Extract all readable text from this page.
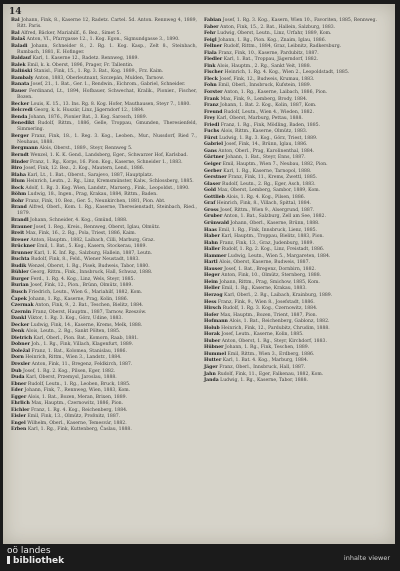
14
Bal Johann, Fink, 8., Kaserne 12, Radetz. Cartel. 5d. Anton. Rennweg 4, 1889, Ritt. Paris.
Bal Alfred, Bäcker, Mariahilf., 6. Bez., Simet 5.
Balaš Anton, VI., Pfarrgasse 12., 1. Kog. Egon., Sigmundgasse 3., 1890.
Baladi Johann, Schneider 8., 2. Rg. 1. Kog. Kasp., Zelt 8., Steinbach, Rumbach, 1881, E. Hofinger.
Baldauf Karl, 1. Kaserne 12., Radetz. Rennweg, 1889.
Balek Emil, k. k. Oberst, 1896, Prager, Fr. Tallentin.
Baliński Stanisl., Fink, 15., 1. Rg. 3. Bat., Kog. 1889., Frz. Kaim.
Bambaly Anton, 1883, Oberleutnant, Szczepán, Mulden, Tarnow.
Banata Josef, 21., 1. Bat., Ger. 1., Rendwin., Eichrom., Gabriel, Schneider.
Bauer Ferdinand, Lt., 1894, Hofbauer, Schwechat, Kralik., Pionier., Fischer, Bozen.
Becker Louis, K. 15., 13. Ins. Rg. 8. Kog. Hofer, Mauthausen, Steyr 7., 1880.
Belcredi Georg, k. k. Huszár, Linz, Jägerndorf 12., 1884.
Benda Johann, 1876., Pionier Bat., 3. Kog. Sarosch, 1889.
Benedikt Rudolf, Rittm., 1886, Gelle, Troppau, Gmunden, Theresienfeld, Simmering.
Berger Franz, Fink, 18., 1. Reg. 3. Kog., Leoben., Mur., Nussdorf, Ried 7., Neuhaus, 1888.
Bergmann Alois, Oberst., 1889., Steyr, Rennweg 5.
Berndt Wenzel, 1. K. K. Gend., Landsberg, Eger., Schwarzer Hof, Karlsbad.
Binder Franz, 1. Rg., Korps, 16. Pion. Kog., Kaserne, Schneider 1., 1883.
Biro Josef, Fink, 12. Bez., 2. Kog., Mautern, Lend., 1886.
Blaha Karl, Lt., 1. Bat., Oberst., Sarajevo, 1887, Hauptplatz.
Blum Heinrich, Leutn., 2. Rg., Linz, Kremsmünster, Kalw., Schlossberg, 1885.
Bock Adolf, 1. Rg. 3. Kog. Wien, Landstr., Marxerg., Fink., Leopoldst., 1890.
Böhm Ludwig, 18., Ingen., Prag, Krakau, 1884, Rittm., Baden.
Bohr Franz, Fink, 10. Bez., Ger. 5., Neunkirchen, 1881, Pion. Abt.
Brand Alfred, Oberl., Kom. 1. Rg., Kaserne, Theresienstadt, Steinbach, Ried., 1879.
Brandl Johann, Schneider, 4. Kog., Gmünd, 1888.
Brauner Josef, 1. Reg., Kreis., Rennweg, Oberst, Iglau, Olmütz.
Breit Max, Fink, 16., 2. Rg., Pola, Triest, 1886, Kaim.
Breuer Anton, Hauptm., 1882, Laibach, Cilli, Marburg, Graz.
Brückner Emil, 1. Bat., 5. Kog., Kasern, Stockerau, 1889.
Brunner Karl, 1. K. Inf. Rg., Salzburg, Hallein, 1887, Leutn.
Buchta Rudolf, Fink, 8., Feld., Wiener Neustadt, 1883.
Budik Wenzel, Oberst, 1. Rg., Pisek, Budweis, Tabor, 1880.
Bühler Georg, Rittm., Fink., Innsbruck, Hall, Schwaz, 1888.
Burger Ferd., 1. Rg. 4. Kog., Linz, Wels, Steyr, 1885.
Burian Josef, Fink, 12., Pion., Brünn, Olmütz, 1889.
Busch Friedrich, Leutn., Wien 6., Mariahilf, 1882, Kom.
Čapek Johann, 1. Rg., Kaserne, Prag, Kolin, 1886.
Czermak Anton, Fink, 9., 2. Bat., Teschen, Bielitz, 1884.
Czernin Franz, Oberst, Hauptm., 1887, Tarnow, Rzeszów.
Dankl Viktor, 1. Rg. 3. Kog., Görz, Udine, 1883.
Decker Ludwig, Fink, 14., Kaserne, Krems, Melk, 1888.
Denk Alois, Leutn., 2. Rg., Sankt Pölten, 1885.
Dietrich Karl, Oberl., Pion. Bat., Komorn, Raab, 1881.
Dobner Joh., 1. Rg., Fink, Villach, Klagenfurt, 1889.
Doležal Franz, 1. Bat., Kolomea, Stanislau, 1886.
Dorn Heinrich, Rittm., Wien 3., Landstr., 1884.
Drexler Anton, Fink, 11., Bregenz, Feldkirch, 1887.
Dub Josef, 1. Rg. 2. Kog., Pilsen, Eger, 1882.
Duda Karl, Oberst, Przemysl, Jaroslau, 1888.
Ebner Rudolf, Leutn., 1. Rg., Leoben, Bruck, 1885.
Eder Johann, Fink, 7., Rennweg, Wien, 1883, Kom.
Egger Alois, 1. Bat., Bozen, Meran, Brixen, 1889.
Ehrlich Max, Hauptm., Czernowitz, 1886, Pion.
Eichler Franz, 1. Rg. 4. Kog., Reichenberg, 1884.
Eisler Emil, Fink, 13., Olmütz, Proßnitz, 1887.
Engel Wilhelm, Oberl., Kaserne, Temesvár, 1882.
Erben Karl, 1. Rg., Fink, Kuttenberg, Časlau, 1888.
Fabian Josef, 1. Rg. 3. Kog., Kasern, Wien 10., Favoriten, 1885, Rennweg.
Faber Anton, Fink, 15., 2. Bat., Hallein, Salzburg, 1883.
Fehr Ludwig, Oberst, Leutn., Linz, Urfahr, 1889, Kom.
Feigl Johann, 1. Rg., Pion. Kog., Znaim, Iglau, 1886.
Fellner Rudolf, Rittm., 1884, Graz, Leibnitz, Radkersburg.
Fiala Franz, Fink, 10., Kaserne, Pardubitz, 1887.
Fiedler Karl, 1. Bat., Troppau, Jägerndorf, 1882.
Fink Alois, Hauptm., 2. Rg., Sankt Veit, 1888.
Fischer Heinrich, 1. Rg. 4. Kog., Wien 2., Leopoldstadt, 1885.
Fleck Josef, Fink, 12., Budweis, Krumau, 1883.
Fohn Emil, Oberl., Innsbruck, Kufstein, 1889.
Forster Anton, 1. Rg., Kaserne, Laibach, 1886, Pion.
Frank Max, Fink, 9., Lemberg, Brody, 1884.
Franz Johann, 1. Bat. 2. Kog., Kolin, 1887, Kom.
Freund Rudolf, Leutn., Wien 4., Wieden, 1882.
Frey Karl, Oberst, Marburg, Pettau, 1888.
Friedl Franz, 1. Rg., Fink, Mödling, Baden, 1885.
Fuchs Alois, Rittm., Kaserne, Olmütz, 1883.
Fürst Ludwig, 1. Rg. 3. Kog., Görz, Triest, 1889.
Gabriel Josef, Fink, 14., Brünn, Iglau, 1886.
Gans Anton, Oberl., Prag, Karolinenthal, 1884.
Gärtner Johann, 1. Bat., Steyr, Enns, 1887.
Geiger Emil, Hauptm., Wien 7., Neubau, 1882, Pion.
Gerber Karl, 1. Rg., Kaserne, Tarnopol, 1888.
Gerstner Franz, Fink, 11., Krems, Zwettl, 1885.
Glaser Rudolf, Leutn., 2. Rg., Eger, Asch, 1883.
Gold Max, Oberst, Lemberg, Sambor, 1889, Kom.
Gottlieb Alois, 1. Rg. 4. Kog., Pilsen, 1886.
Graf Heinrich, Fink, 8., Villach, Spittal, 1884.
Gross Josef, Rittm., Wien 9., Alsergrund, 1887.
Gruber Anton, 1. Bat., Salzburg, Zell am See, 1882.
Grünwald Johann, Oberl., Kaserne, Brünn, 1888.
Haas Emil, 1. Rg., Fink, Innsbruck, Lienz, 1885.
Haber Karl, Hauptm., Troppau, Bielitz, 1883, Pion.
Hahn Franz, Fink, 13., Graz, Judenburg, 1889.
Haller Rudolf, 1. Rg. 2. Kog., Linz, Freistadt, 1886.
Hammer Ludwig, Leutn., Wien 5., Margareten, 1884.
Hartl Alois, Oberst, Kaserne, Budweis, 1887.
Hauser Josef, 1. Bat., Bregenz, Dornbirn, 1882.
Heger Anton, Fink, 10., Olmütz, Sternberg, 1888.
Heim Johann, Rittm., Prag, Smichow, 1885, Kom.
Heller Emil, 1. Rg., Kaserne, Krakau, 1883.
Herzog Karl, Oberl., 2. Rg., Laibach, Krainburg, 1889.
Hess Franz, Fink, 9., Wien 8., Josefstadt, 1886.
Hirsch Rudolf, 1. Rg. 3. Kog., Czernowitz, 1884.
Hofer Max, Hauptm., Bozen, Trient, 1887, Pion.
Hofmann Alois, 1. Bat., Reichenberg, Gablonz, 1882.
Holub Heinrich, Fink, 12., Pardubitz, Chrudim, 1888.
Horak Josef, Leutn., Kaserne, Kolin, 1885.
Huber Anton, Oberst, 1. Rg., Steyr, Kirchdorf, 1883.
Hübner Johann, 1. Rg., Fink, Teschen, 1889.
Hummel Emil, Rittm., Wien 3., Erdberg, 1886.
Hutter Karl, 1. Bat. 4. Kog., Marburg, 1884.
Jäger Franz, Oberl., Innsbruck, Hall, 1887.
Jahn Rudolf, Fink, 11., Eger, Falkenau, 1882, Kom.
Janda Ludwig, 1. Rg., Kaserne, Tabor, 1888.
oö landes
bibliothek	inhalte viewer
